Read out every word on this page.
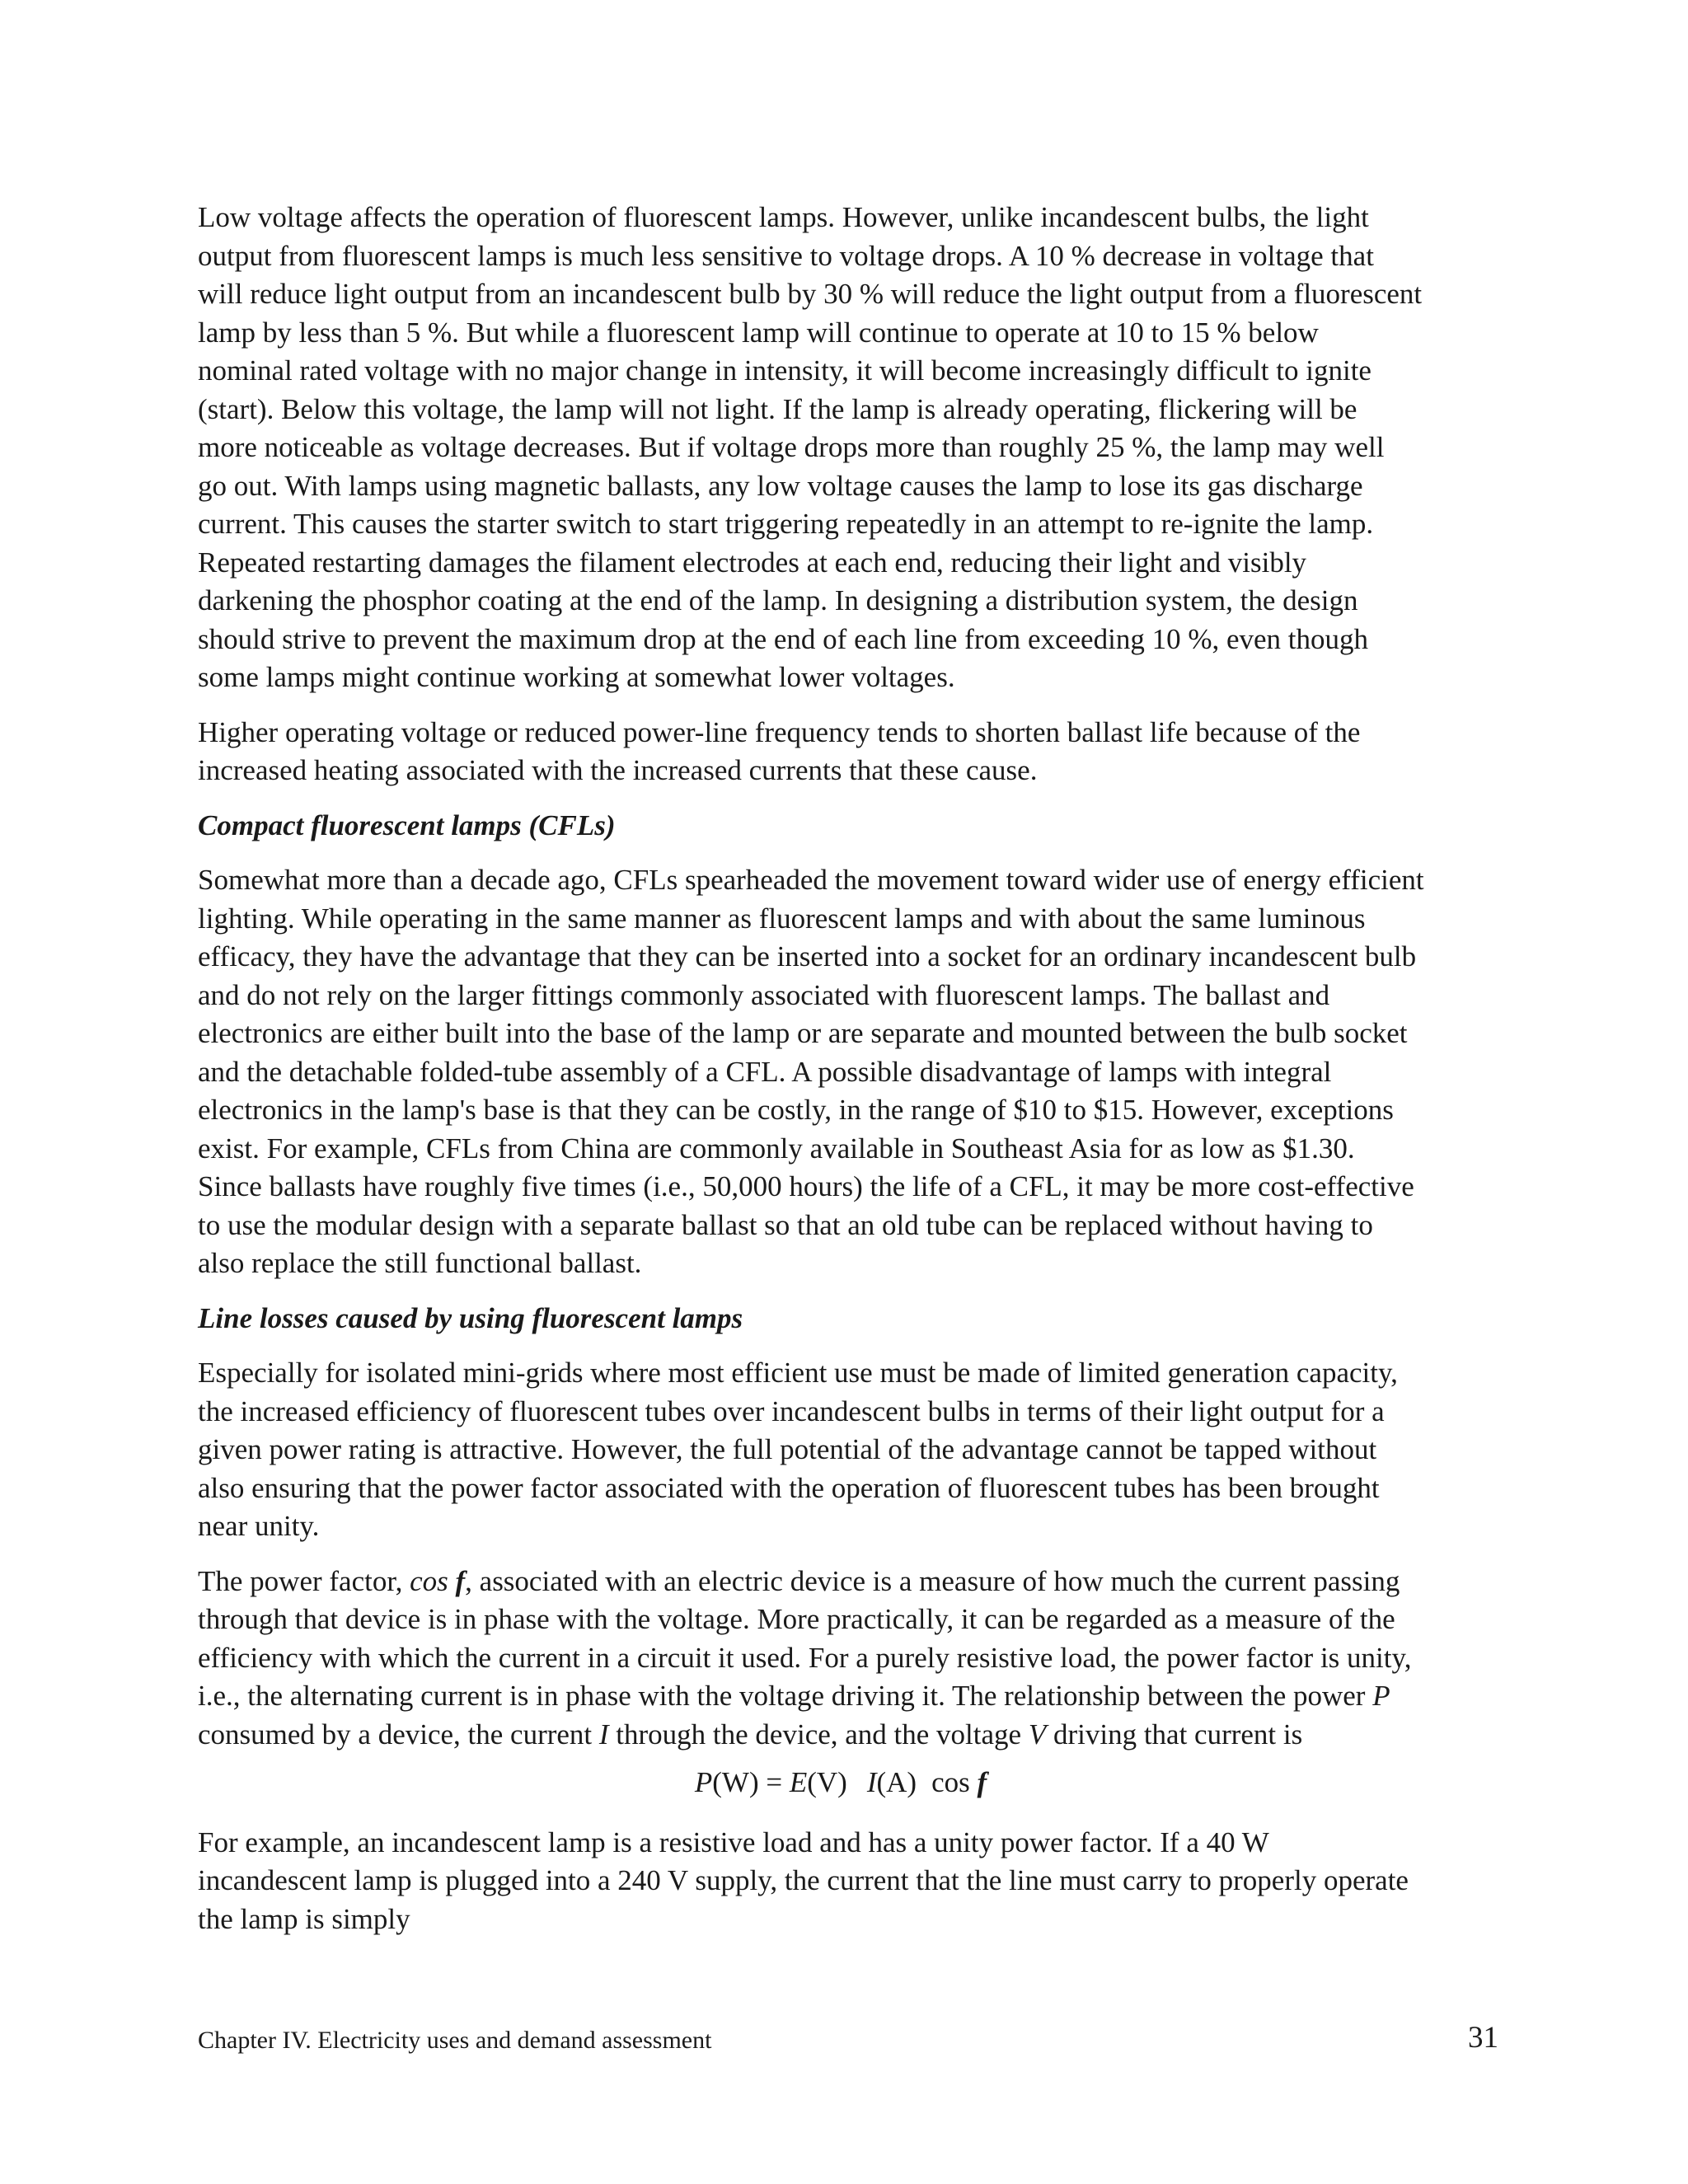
Low voltage affects the operation of fluorescent lamps. However, unlike incandescent bulbs, the light
output from fluorescent lamps is much less sensitive to voltage drops. A 10 % decrease in voltage that
will reduce light output from an incandescent bulb by 30 % will reduce the light output from a fluorescent
lamp by less than 5 %. But while a fluorescent lamp will continue to operate at 10 to 15 % below
nominal rated voltage with no major change in intensity, it will become increasingly difficult to ignite
(start). Below this voltage, the lamp will not light. If the lamp is already operating, flickering will be
more noticeable as voltage decreases. But if voltage drops more than roughly 25 %, the lamp may well
go out. With lamps using magnetic ballasts, any low voltage causes the lamp to lose its gas discharge
current. This causes the starter switch to start triggering repeatedly in an attempt to re-ignite the lamp.
Repeated restarting damages the filament electrodes at each end, reducing their light and visibly
darkening the phosphor coating at the end of the lamp. In designing a distribution system, the design
should strive to prevent the maximum drop at the end of each line from exceeding 10 %, even though
some lamps might continue working at somewhat lower voltages.

Higher operating voltage or reduced power-line frequency tends to shorten ballast life because of the
increased heating associated with the increased currents that these cause.

Compact fluorescent lamps (CFLs)

Somewhat more than a decade ago, CFLs spearheaded the movement toward wider use of energy efficient
lighting. While operating in the same manner as fluorescent lamps and with about the same luminous
efficacy, they have the advantage that they can be inserted into a socket for an ordinary incandescent bulb
and do not rely on the larger fittings commonly associated with fluorescent lamps. The ballast and
electronics are either built into the base of the lamp or are separate and mounted between the bulb socket
and the detachable folded-tube assembly of a CFL. A possible disadvantage of lamps with integral
electronics in the lamp's base is that they can be costly, in the range of $10 to $15. However, exceptions
exist. For example, CFLs from China are commonly available in Southeast Asia for as low as $1.30.
Since ballasts have roughly five times (i.e., 50,000 hours) the life of a CFL, it may be more cost-effective
to use the modular design with a separate ballast so that an old tube can be replaced without having to
also replace the still functional ballast.

Line losses caused by using fluorescent lamps

Especially for isolated mini-grids where most efficient use must be made of limited generation capacity,
the increased efficiency of fluorescent tubes over incandescent bulbs in terms of their light output for a
given power rating is attractive. However, the full potential of the advantage cannot be tapped without
also ensuring that the power factor associated with the operation of fluorescent tubes has been brought
near unity.

The power factor, cos f, associated with an electric device is a measure of how much the current passing
through that device is in phase with the voltage. More practically, it can be regarded as a measure of the
efficiency with which the current in a circuit it used. For a purely resistive load, the power factor is unity,
i.e., the alternating current is in phase with the voltage driving it. The relationship between the power P
consumed by a device, the current I through the device, and the voltage V driving that current is

P(W) = E(V) I(A) cos f

For example, an incandescent lamp is a resistive load and has a unity power factor. If a 40 W
incandescent lamp is plugged into a 240 V supply, the current that the line must carry to properly operate
the lamp is simply

Chapter IV. Electricity uses and demand assessment	31
